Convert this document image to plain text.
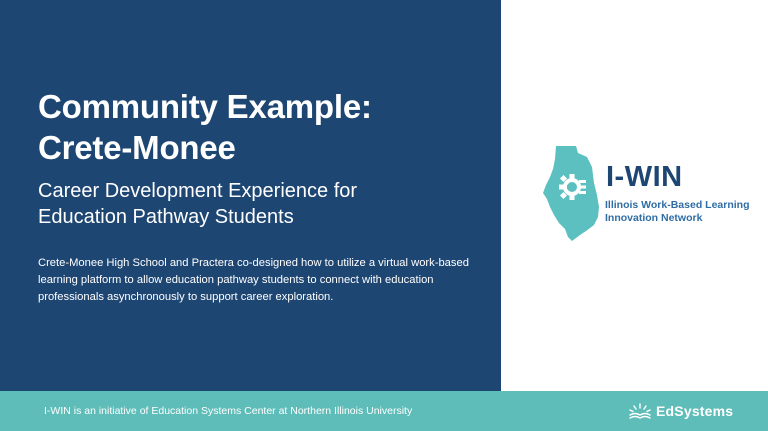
Community Example:
Crete-Monee
Career Development Experience for
Education Pathway Students

Crete-Monee High School and Practera co-designed how to utilize a virtual work-based learning platform to allow education pathway students to connect with education professionals asynchronously to support career exploration.

I-WIN
Illinois Work-Based Learning
Innovation Network
I-WIN is an initiative of Education Systems Center at Northern Illinois University	EdSystems
